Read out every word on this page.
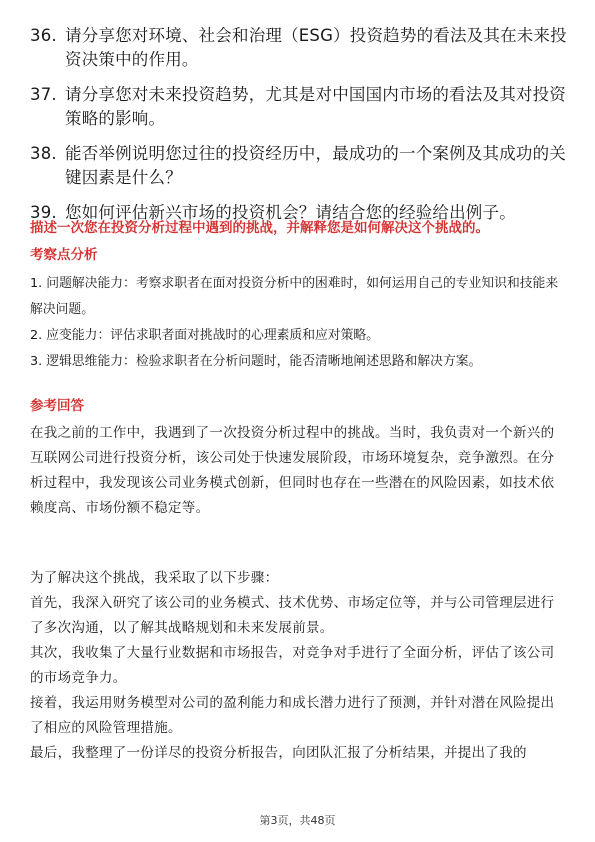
36. 请分享您对环境、社会和治理（ESG）投资趋势的看法及其在未来投资决策中的作用。
37. 请分享您对未来投资趋势，尤其是对中国国内市场的看法及其对投资策略的影响。
38. 能否举例说明您过往的投资经历中，最成功的一个案例及其成功的关键因素是什么？
39. 您如何评估新兴市场的投资机会？请结合您的经验给出例子。
描述一次您在投资分析过程中遇到的挑战，并解释您是如何解决这个挑战的。
考察点分析

1. 问题解决能力：考察求职者在面对投资分析中的困难时，如何运用自己的专业知识和技能来解决问题。

2. 应变能力：评估求职者面对挑战时的心理素质和应对策略。

3. 逻辑思维能力：检验求职者在分析问题时，能否清晰地阐述思路和解决方案。

参考回答

在我之前的工作中，我遇到了一次投资分析过程中的挑战。当时，我负责对一个新兴的互联网公司进行投资分析，该公司处于快速发展阶段，市场环境复杂，竞争激烈。在分析过程中，我发现该公司业务模式创新，但同时也存在一些潜在的风险因素，如技术依赖度高、市场份额不稳定等。

为了解决这个挑战，我采取了以下步骤：

首先，我深入研究了该公司的业务模式、技术优势、市场定位等，并与公司管理层进行了多次沟通，以了解其战略规划和未来发展前景。

其次，我收集了大量行业数据和市场报告，对竞争对手进行了全面分析，评估了该公司的市场竞争力。

接着，我运用财务模型对公司的盈利能力和成长潜力进行了预测，并针对潜在风险提出了相应的风险管理措施。

最后，我整理了一份详尽的投资分析报告，向团队汇报了分析结果，并提出了我的

第3页，共48页
